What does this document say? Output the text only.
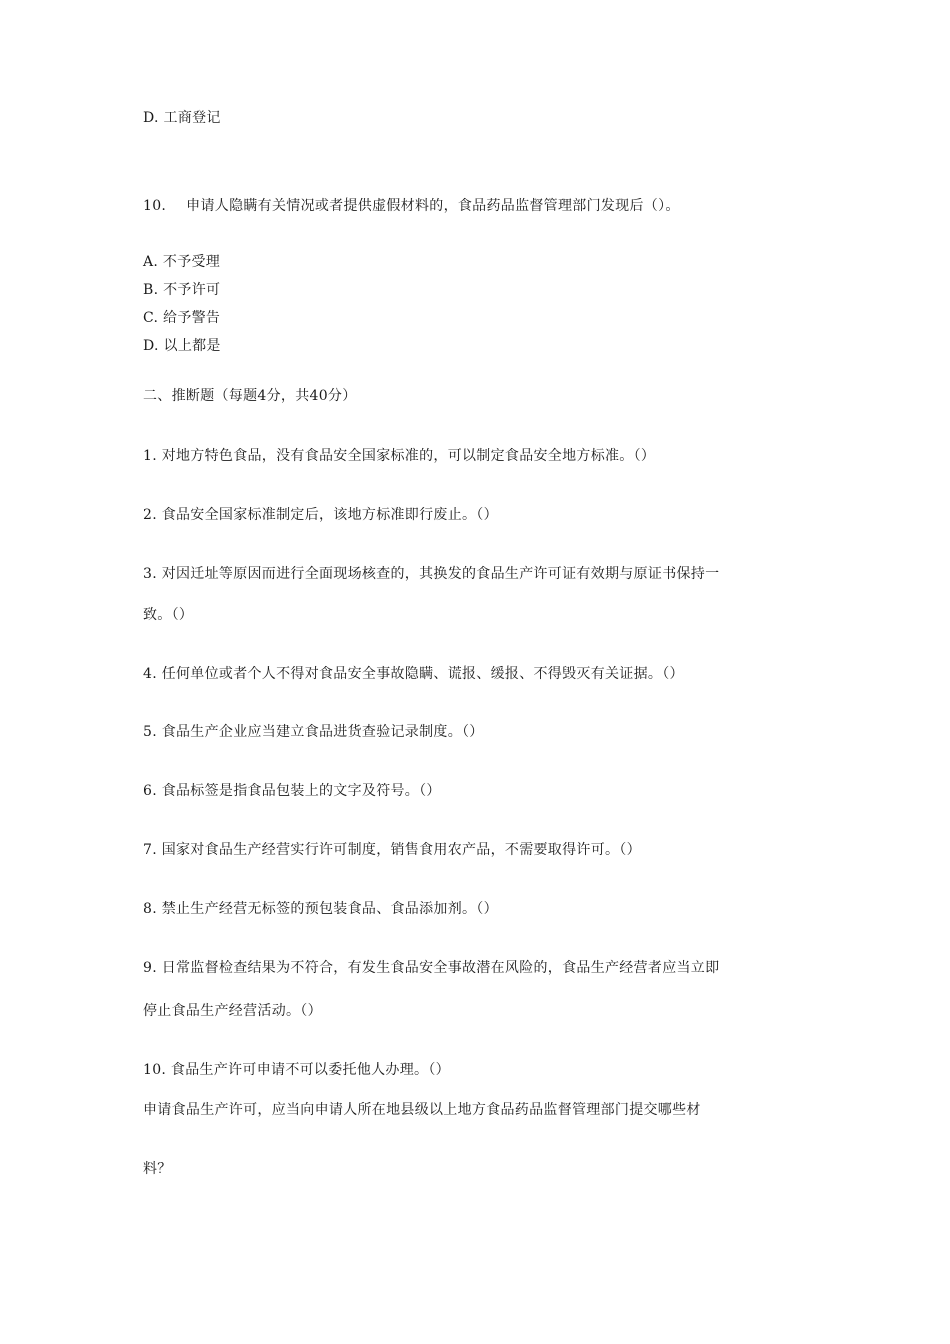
D. 工商登记
10. 申请人隐瞒有关情况或者提供虚假材料的，食品药品监督管理部门发现后（）。
A. 不予受理
B. 不予许可
C. 给予警告
D. 以上都是
二、推断题（每题4分，共40分）
1. 对地方特色食品，没有食品安全国家标准的，可以制定食品安全地方标准。（）
2. 食品安全国家标准制定后，该地方标准即行废止。（）
3. 对因迁址等原因而进行全面现场核查的，其换发的食品生产许可证有效期与原证书保持一
致。（）
4. 任何单位或者个人不得对食品安全事故隐瞒、谎报、缓报、不得毁灭有关证据。（）
5. 食品生产企业应当建立食品进货查验记录制度。（）
6. 食品标签是指食品包装上的文字及符号。（）
7. 国家对食品生产经营实行许可制度，销售食用农产品，不需要取得许可。（）
8. 禁止生产经营无标签的预包装食品、食品添加剂。（）
9. 日常监督检查结果为不符合，有发生食品安全事故潜在风险的，食品生产经营者应当立即
停止食品生产经营活动。（）
10. 食品生产许可申请不可以委托他人办理。（）
申请食品生产许可，应当向申请人所在地县级以上地方食品药品监督管理部门提交哪些材
料？
